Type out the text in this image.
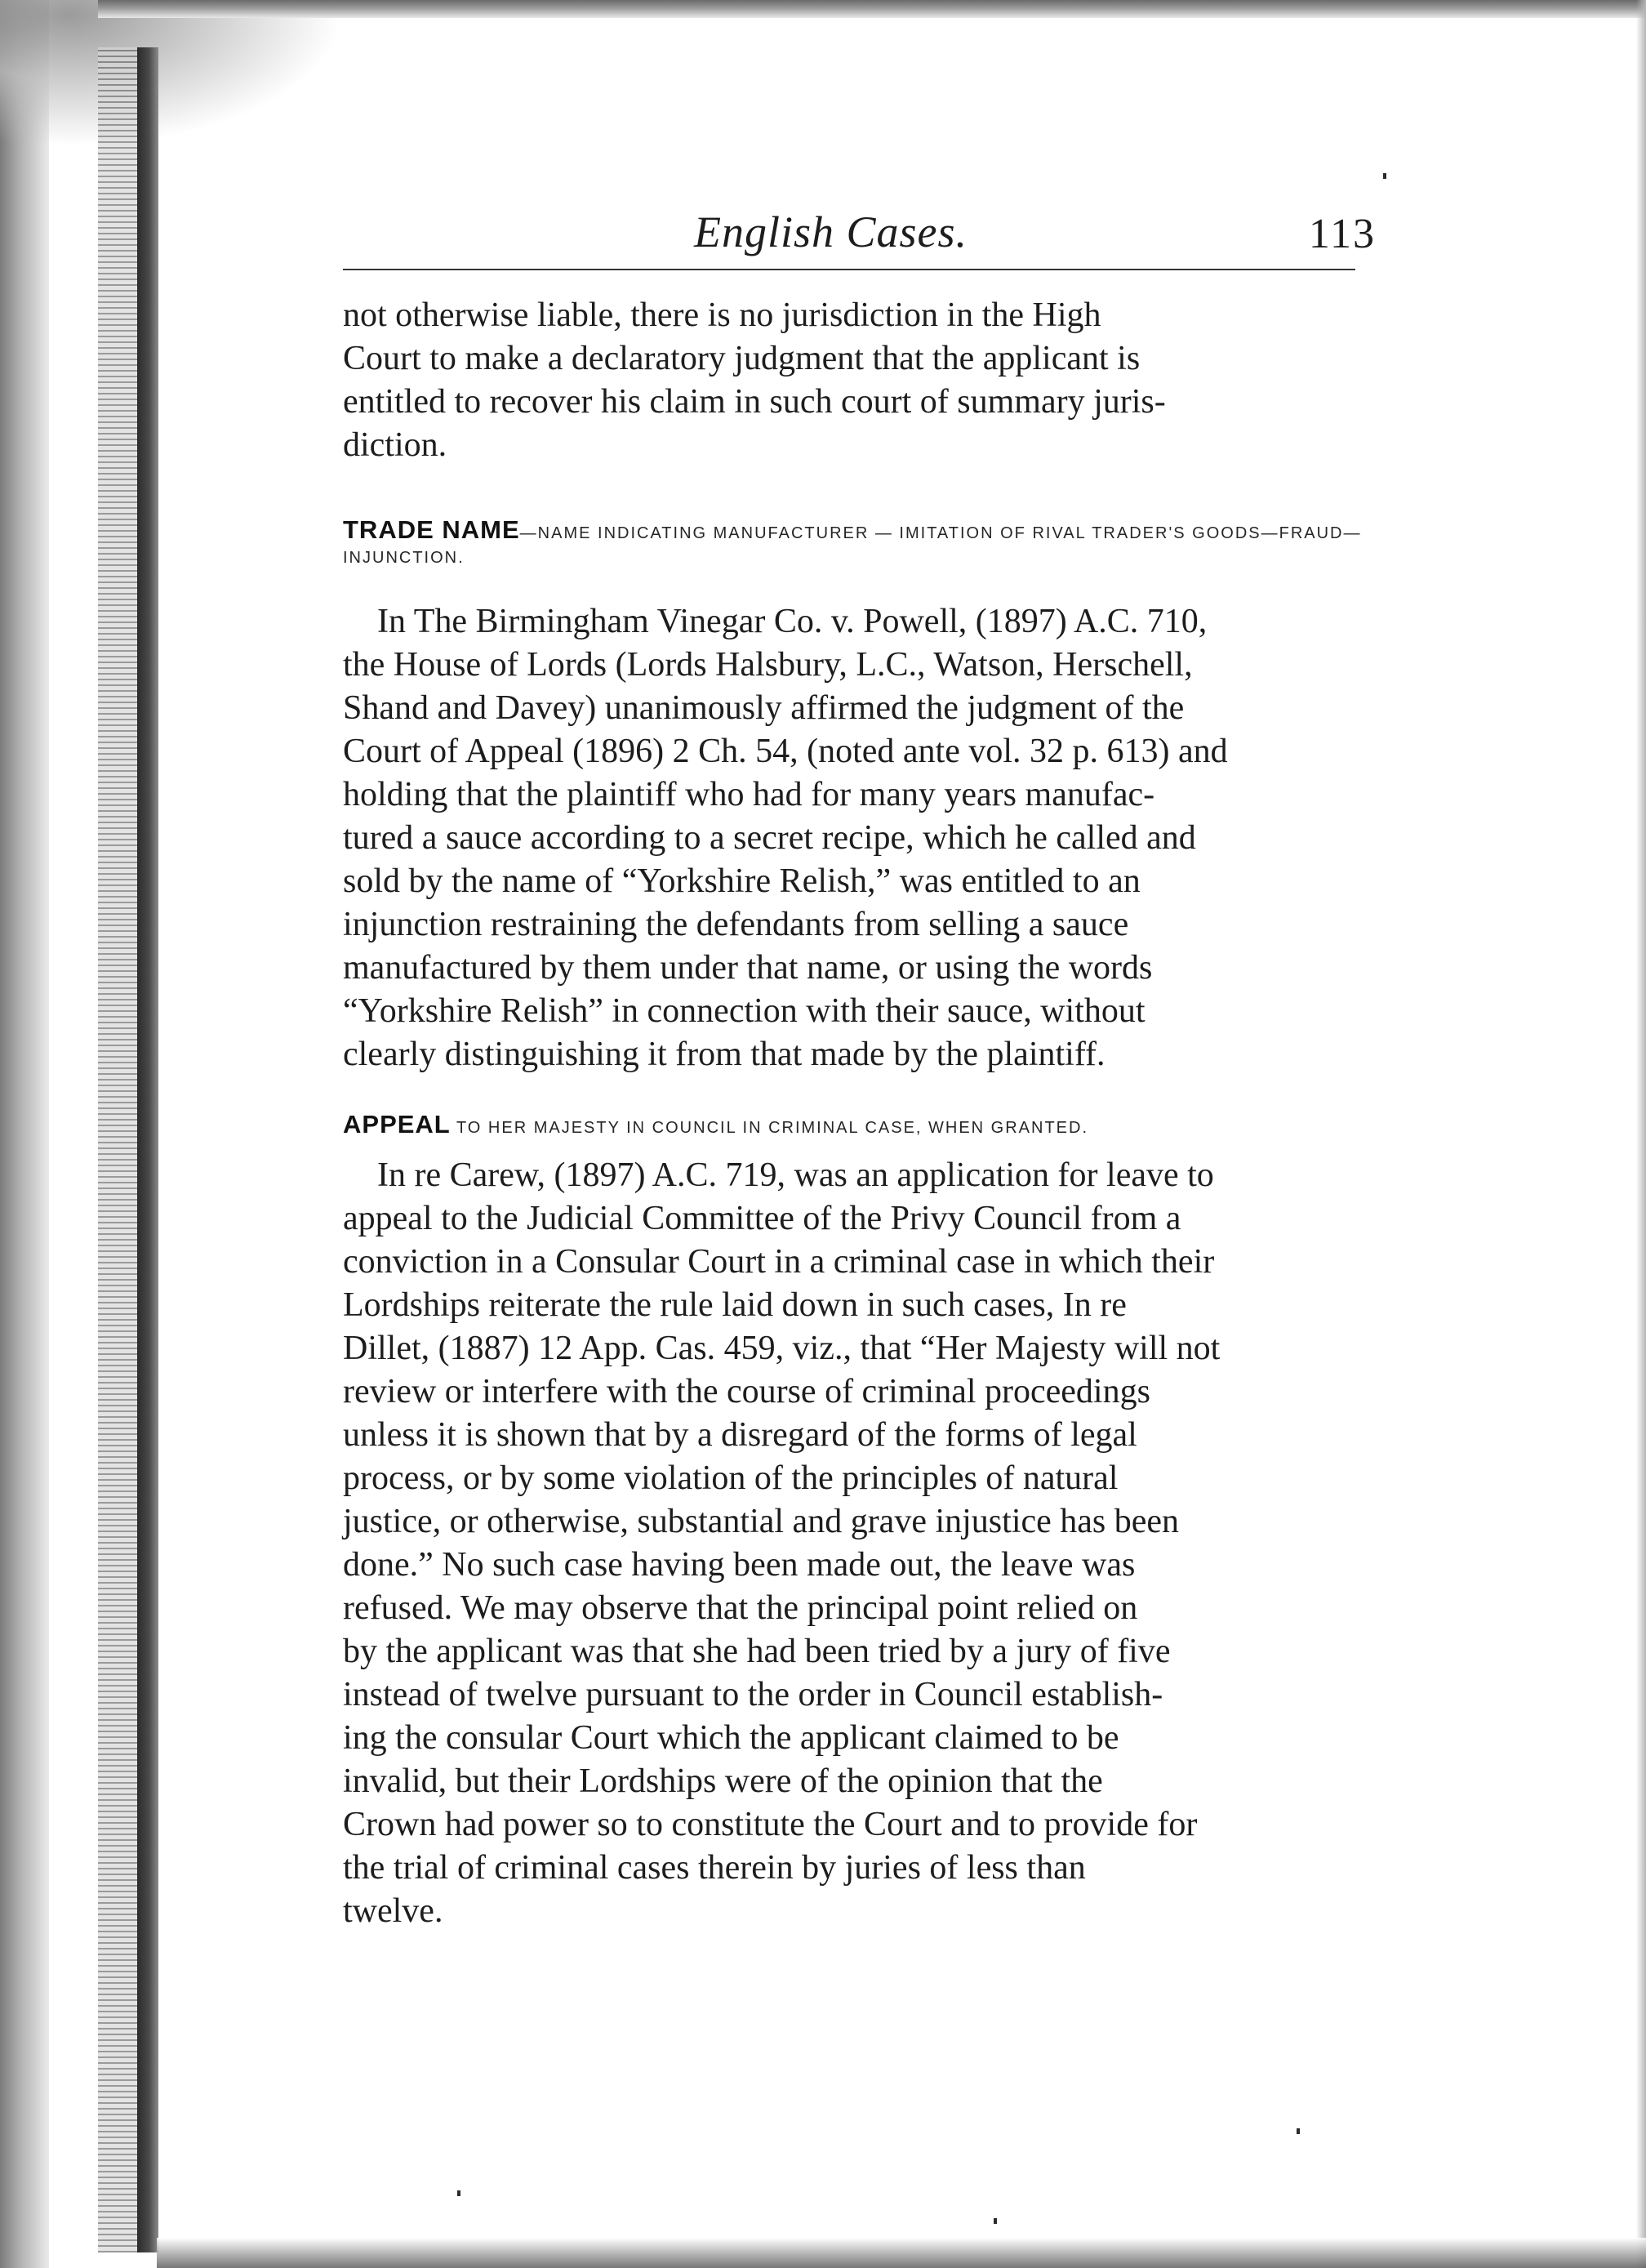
English Cases.	113
not otherwise liable, there is no jurisdiction in the High
Court to make a declaratory judgment that the applicant is
entitled to recover his claim in such court of summary juris-
diction.
TRADE NAME—NAME INDICATING MANUFACTURER — IMITATION OF RIVAL TRADER'S GOODS—FRAUD—INJUNCTION.
In The Birmingham Vinegar Co. v. Powell, (1897) A.C. 710,
the House of Lords (Lords Halsbury, L.C., Watson, Herschell,
Shand and Davey) unanimously affirmed the judgment of the
Court of Appeal (1896) 2 Ch. 54, (noted ante vol. 32 p. 613) and
holding that the plaintiff who had for many years manufac-
tured a sauce according to a secret recipe, which he called and
sold by the name of “Yorkshire Relish,” was entitled to an
injunction restraining the defendants from selling a sauce
manufactured by them under that name, or using the words
“Yorkshire Relish” in connection with their sauce, without
clearly distinguishing it from that made by the plaintiff.
APPEAL TO HER MAJESTY IN COUNCIL IN CRIMINAL CASE, WHEN GRANTED.
In re Carew, (1897) A.C. 719, was an application for leave to
appeal to the Judicial Committee of the Privy Council from a
conviction in a Consular Court in a criminal case in which their
Lordships reiterate the rule laid down in such cases, In re
Dillet, (1887) 12 App. Cas. 459, viz., that “Her Majesty will not
review or interfere with the course of criminal proceedings
unless it is shown that by a disregard of the forms of legal
process, or by some violation of the principles of natural
justice, or otherwise, substantial and grave injustice has been
done.” No such case having been made out, the leave was
refused. We may observe that the principal point relied on
by the applicant was that she had been tried by a jury of five
instead of twelve pursuant to the order in Council establish-
ing the consular Court which the applicant claimed to be
invalid, but their Lordships were of the opinion that the
Crown had power so to constitute the Court and to provide for
the trial of criminal cases therein by juries of less than
twelve.
